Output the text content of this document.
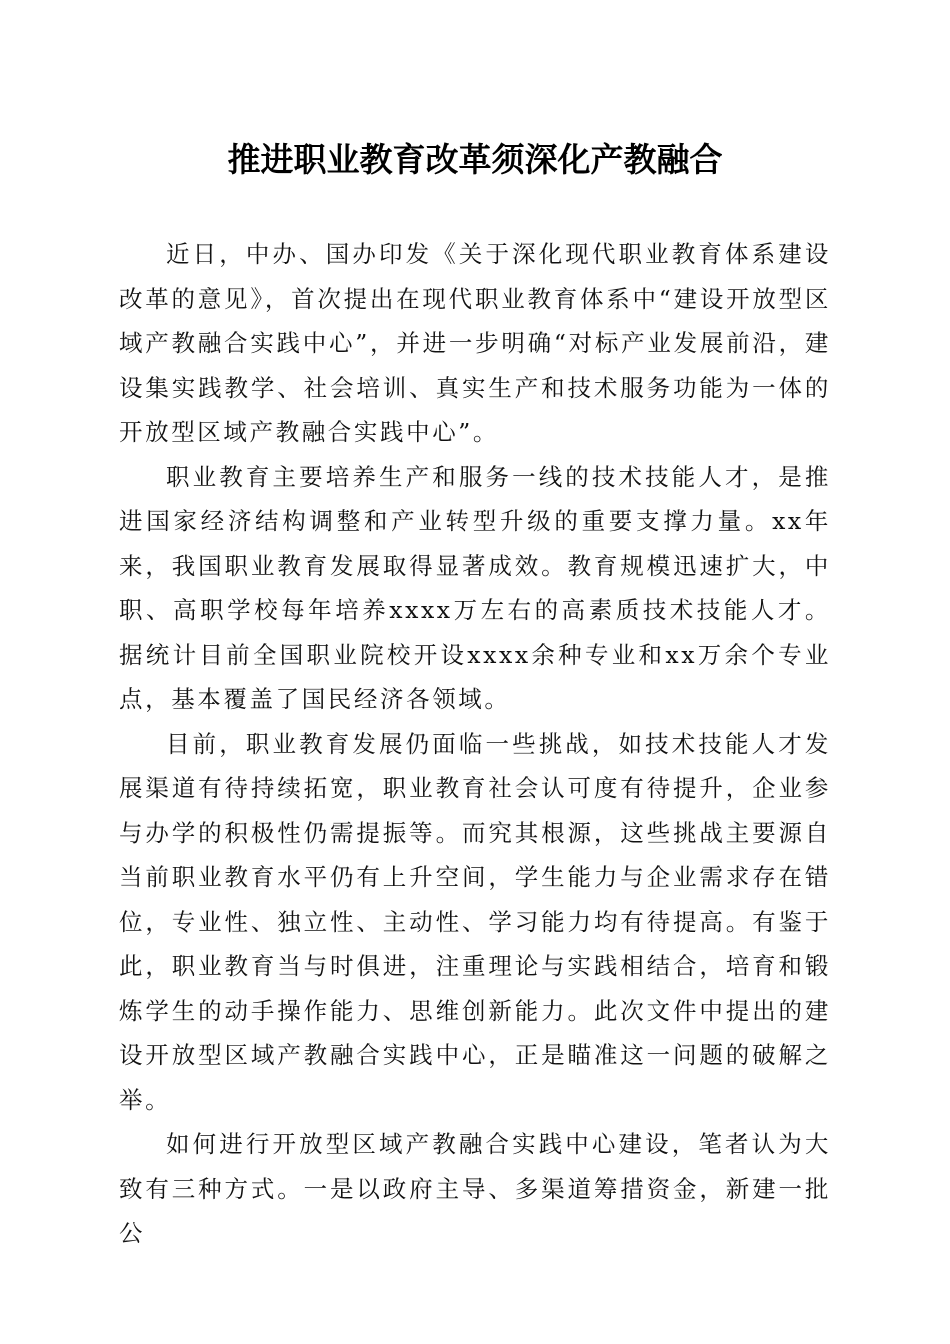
推进职业教育改革须深化产教融合

近日，中办、国办印发《关于深化现代职业教育体系建设改革的意见》，首次提出在现代职业教育体系中“建设开放型区域产教融合实践中心”，并进一步明确“对标产业发展前沿，建设集实践教学、社会培训、真实生产和技术服务功能为一体的开放型区域产教融合实践中心”。

职业教育主要培养生产和服务一线的技术技能人才，是推进国家经济结构调整和产业转型升级的重要支撑力量。xx年来，我国职业教育发展取得显著成效。教育规模迅速扩大，中职、高职学校每年培养xxxx万左右的高素质技术技能人才。据统计目前全国职业院校开设xxxx余种专业和xx万余个专业点，基本覆盖了国民经济各领域。

目前，职业教育发展仍面临一些挑战，如技术技能人才发展渠道有待持续拓宽，职业教育社会认可度有待提升，企业参与办学的积极性仍需提振等。而究其根源，这些挑战主要源自当前职业教育水平仍有上升空间，学生能力与企业需求存在错位，专业性、独立性、主动性、学习能力均有待提高。有鉴于此，职业教育当与时俱进，注重理论与实践相结合，培育和锻炼学生的动手操作能力、思维创新能力。此次文件中提出的建设开放型区域产教融合实践中心，正是瞄准这一问题的破解之举。

如何进行开放型区域产教融合实践中心建设，笔者认为大致有三种方式。一是以政府主导、多渠道筹措资金，新建一批公
